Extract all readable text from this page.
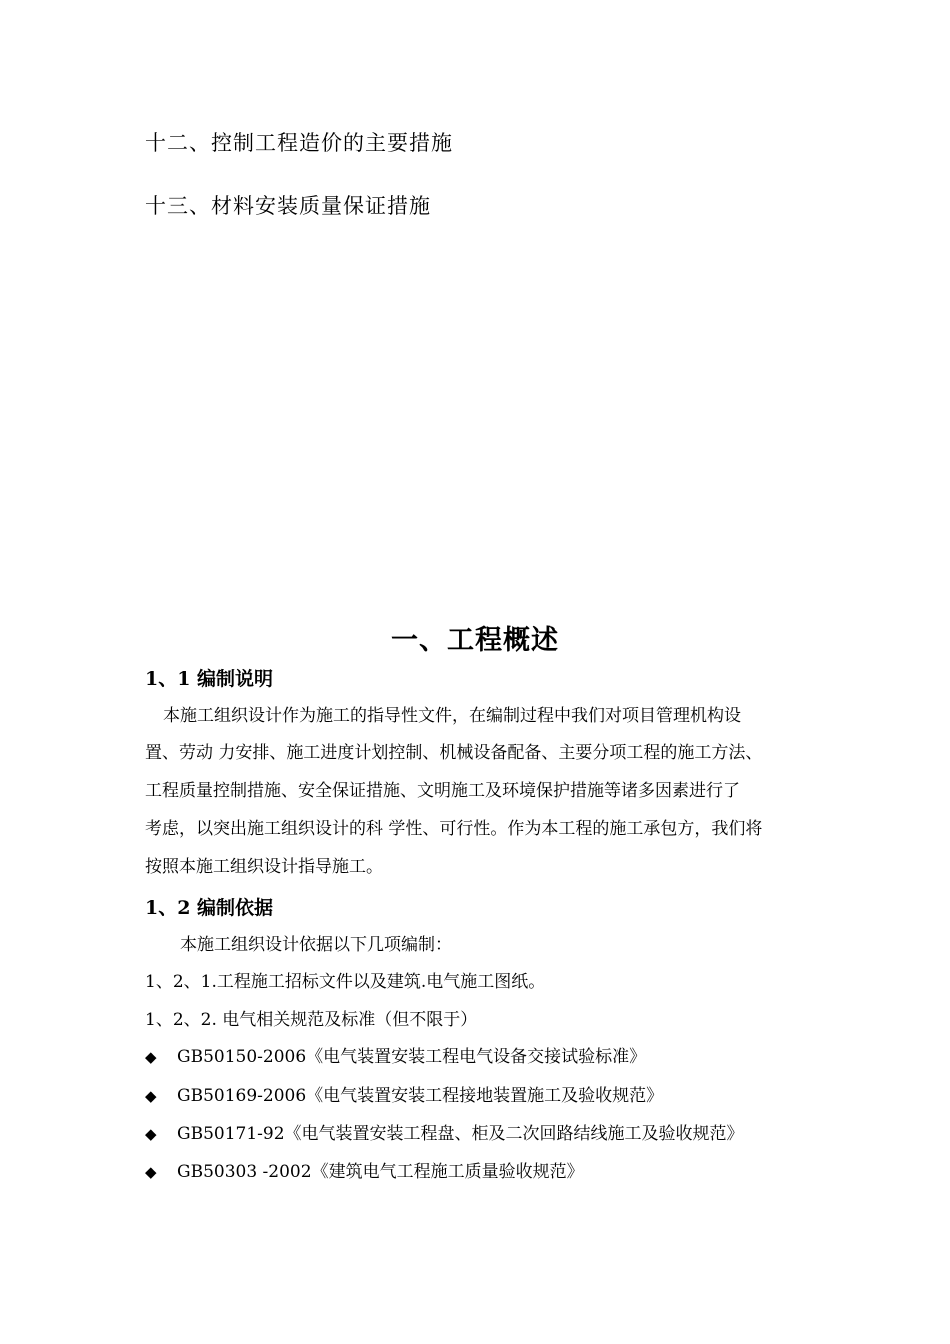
十二、控制工程造价的主要措施
十三、材料安装质量保证措施
一、工程概述
1、1 编制说明
本施工组织设计作为施工的指导性文件，在编制过程中我们对项目管理机构设
置、劳动 力安排、施工进度计划控制、机械设备配备、主要分项工程的施工方法、
工程质量控制措施、安全保证措施、文明施工及环境保护措施等诸多因素进行了
考虑，以突出施工组织设计的科 学性、可行性。作为本工程的施工承包方，我们将
按照本施工组织设计指导施工。
1、2 编制依据
本施工组织设计依据以下几项编制：
1、2、1.工程施工招标文件以及建筑.电气施工图纸。
1、2、2. 电气相关规范及标准（但不限于）
◆ GB50150-2006《电气装置安装工程电气设备交接试验标准》
◆ GB50169-2006《电气装置安装工程接地装置施工及验收规范》
◆ GB50171-92《电气装置安装工程盘、柜及二次回路结线施工及验收规范》
◆ GB50303 -2002《建筑电气工程施工质量验收规范》
